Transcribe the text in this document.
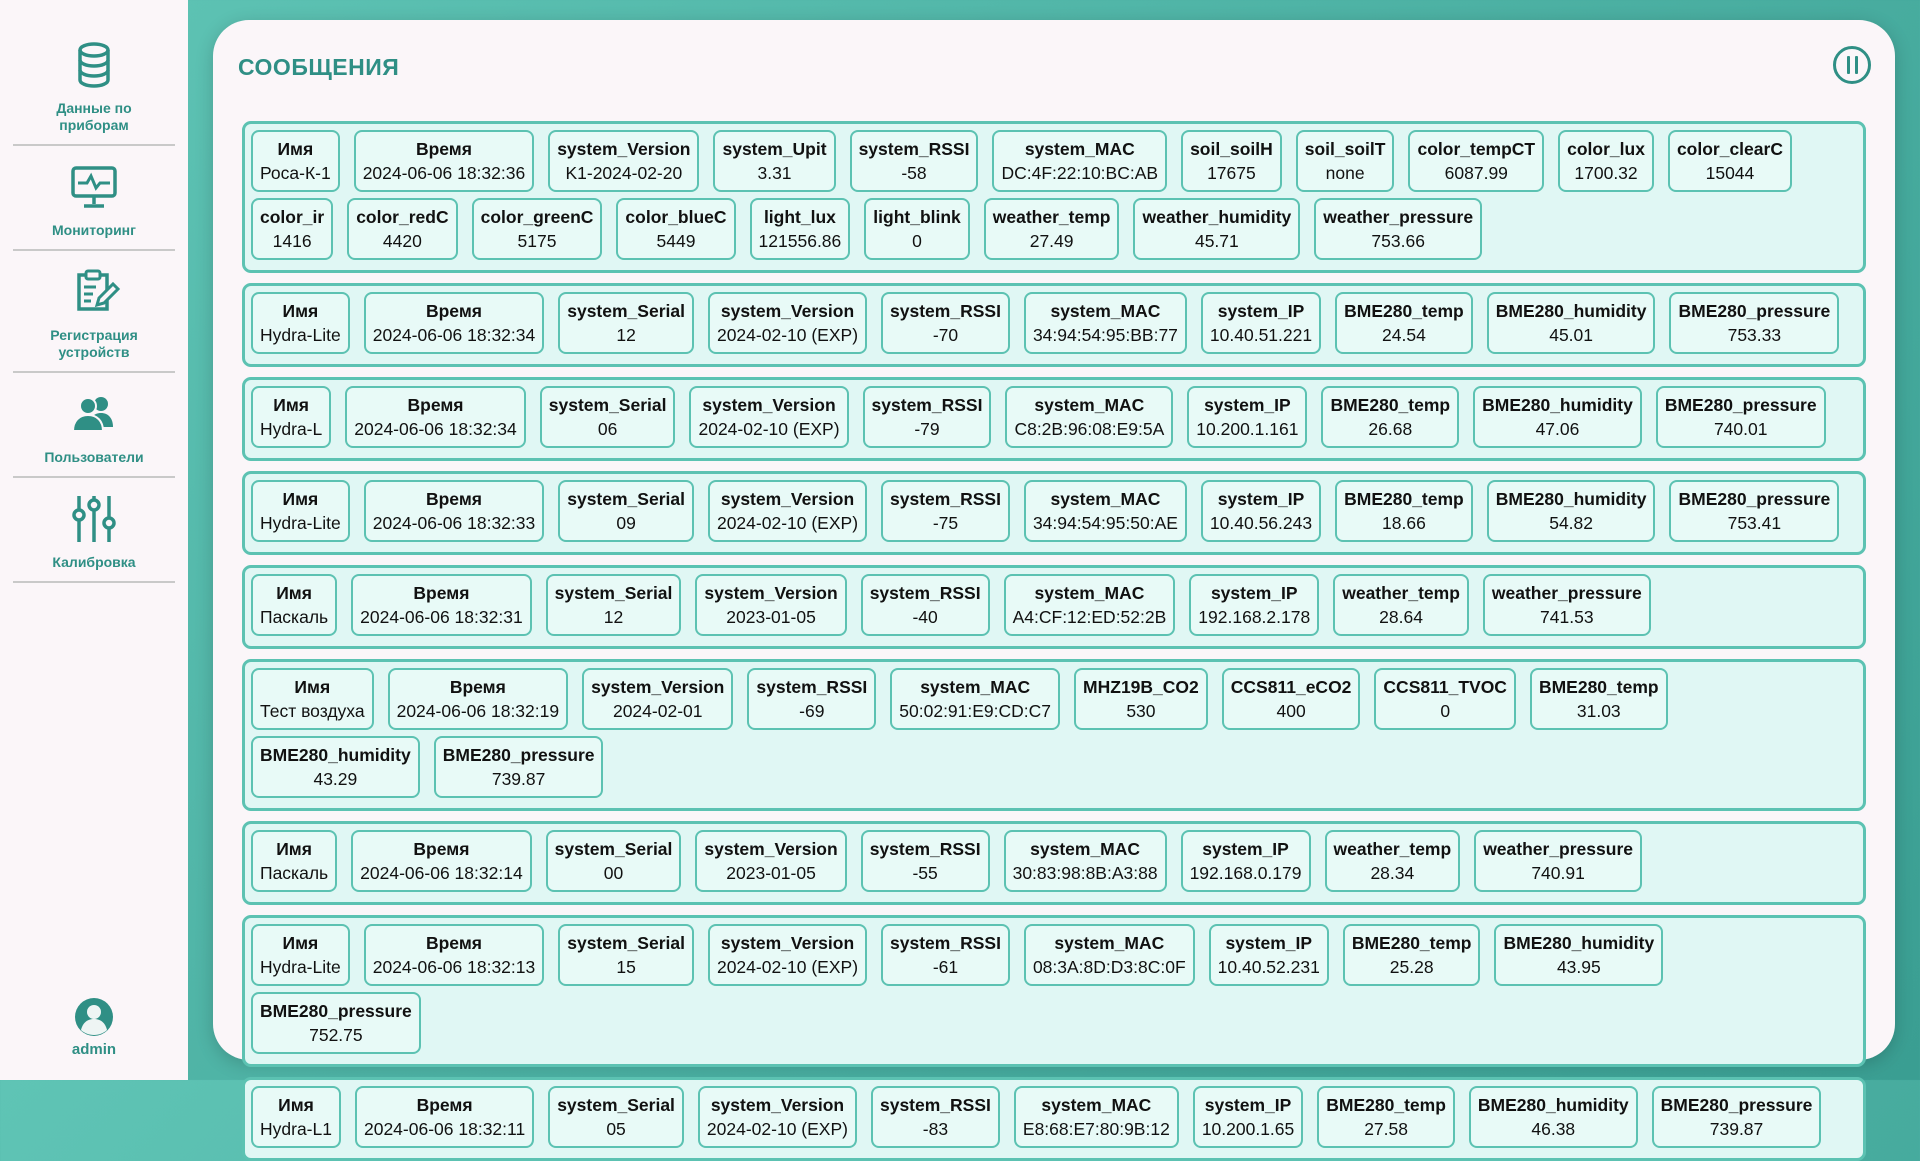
Данные по
приборам
Мониторинг
Регистрация
устройств
Пользователи
Калибровка
admin
СООБЩЕНИЯ
Имя
Роса-К-1
Время
2024-06-06 18:32:36
system_Version
K1-2024-02-20
system_Upit
3.31
system_RSSI
-58
system_MAC
DC:4F:22:10:BC:AB
soil_soilH
17675
soil_soilT
none
color_tempCT
6087.99
color_lux
1700.32
color_clearC
15044
color_ir
1416
color_redC
4420
color_greenC
5175
color_blueC
5449
light_lux
121556.86
light_blink
0
weather_temp
27.49
weather_humidity
45.71
weather_pressure
753.66
Имя
Hydra-Lite
Время
2024-06-06 18:32:34
system_Serial
12
system_Version
2024-02-10 (EXP)
system_RSSI
-70
system_MAC
34:94:54:95:BB:77
system_IP
10.40.51.221
BME280_temp
24.54
BME280_humidity
45.01
BME280_pressure
753.33
Имя
Hydra-L
Время
2024-06-06 18:32:34
system_Serial
06
system_Version
2024-02-10 (EXP)
system_RSSI
-79
system_MAC
C8:2B:96:08:E9:5A
system_IP
10.200.1.161
BME280_temp
26.68
BME280_humidity
47.06
BME280_pressure
740.01
Имя
Hydra-Lite
Время
2024-06-06 18:32:33
system_Serial
09
system_Version
2024-02-10 (EXP)
system_RSSI
-75
system_MAC
34:94:54:95:50:AE
system_IP
10.40.56.243
BME280_temp
18.66
BME280_humidity
54.82
BME280_pressure
753.41
Имя
Паскаль
Время
2024-06-06 18:32:31
system_Serial
12
system_Version
2023-01-05
system_RSSI
-40
system_MAC
A4:CF:12:ED:52:2B
system_IP
192.168.2.178
weather_temp
28.64
weather_pressure
741.53
Имя
Тест воздуха
Время
2024-06-06 18:32:19
system_Version
2024-02-01
system_RSSI
-69
system_MAC
50:02:91:E9:CD:C7
MHZ19B_CO2
530
CCS811_eCO2
400
CCS811_TVOC
0
BME280_temp
31.03
BME280_humidity
43.29
BME280_pressure
739.87
Имя
Паскаль
Время
2024-06-06 18:32:14
system_Serial
00
system_Version
2023-01-05
system_RSSI
-55
system_MAC
30:83:98:8B:A3:88
system_IP
192.168.0.179
weather_temp
28.34
weather_pressure
740.91
Имя
Hydra-Lite
Время
2024-06-06 18:32:13
system_Serial
15
system_Version
2024-02-10 (EXP)
system_RSSI
-61
system_MAC
08:3A:8D:D3:8C:0F
system_IP
10.40.52.231
BME280_temp
25.28
BME280_humidity
43.95
BME280_pressure
752.75
Имя
Hydra-L1
Время
2024-06-06 18:32:11
system_Serial
05
system_Version
2024-02-10 (EXP)
system_RSSI
-83
system_MAC
E8:68:E7:80:9B:12
system_IP
10.200.1.65
BME280_temp
27.58
BME280_humidity
46.38
BME280_pressure
739.87
